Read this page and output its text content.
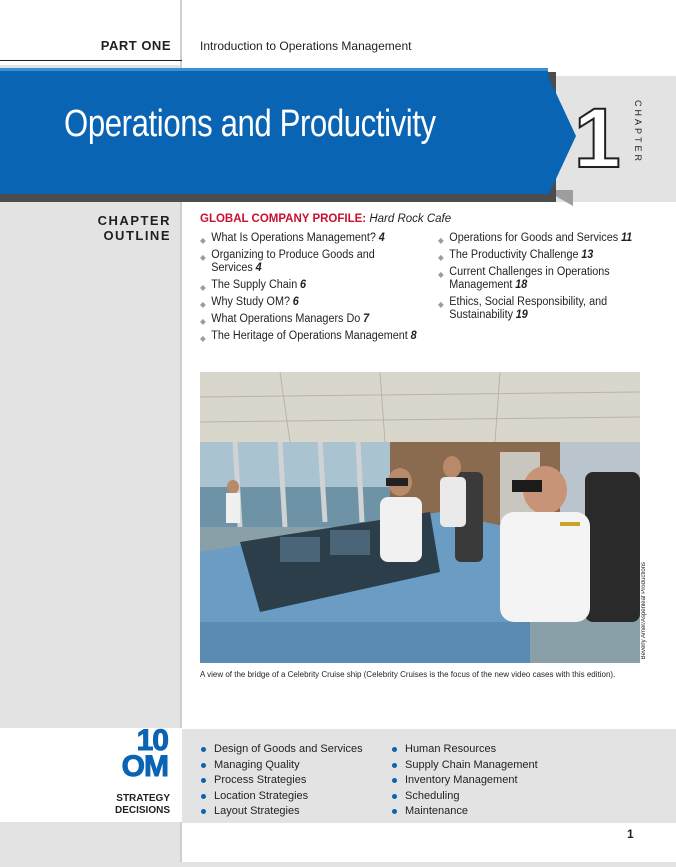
PART ONE Introduction to Operations Management
Operations and Productivity 1 CHAPTER
CHAPTER
OUTLINE
GLOBAL COMPANY PROFILE: Hard Rock Cafe
◆ What Is Operations Management? 4
◆ Organizing to Produce Goods and Services 4
◆ The Supply Chain 6
◆ Why Study OM? 6
◆ What Operations Managers Do 7
◆ The Heritage of Operations Management 8
◆ Operations for Goods and Services 11
◆ The Productivity Challenge 13
◆ Current Challenges in Operations Management 18
◆ Ethics, Social Responsibility, and Sustainability 19
Beverly Amer/Aspenleaf Productions
A view of the bridge of a Celebrity Cruise ship (Celebrity Cruises is the focus of the new video cases with this edition).
10
OM
STRATEGY
DECISIONS
Design of Goods and Services
Managing Quality
Process Strategies
Location Strategies
Layout Strategies
Human Resources
Supply Chain Management
Inventory Management
Scheduling
Maintenance
1
